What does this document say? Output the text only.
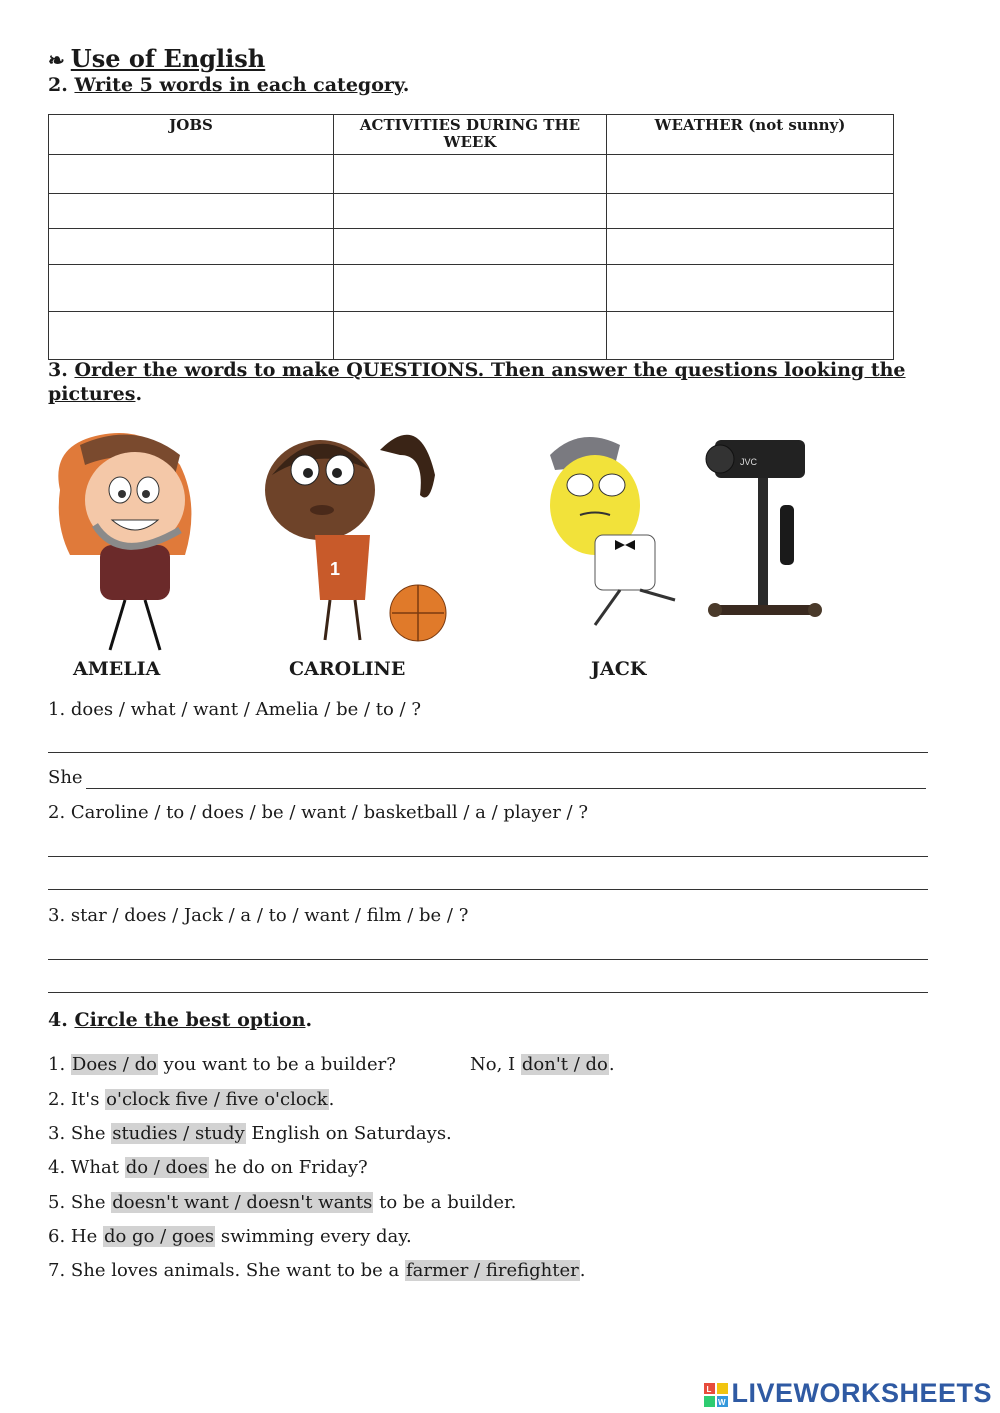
❧ Use of English
2. Write 5 words in each category.
JOBS	ACTIVITIES DURING THE WEEK	WEATHER (not sunny)

3. Order the words to make QUESTIONS. Then answer the questions looking the pictures.
1
JVC
AMELIA	CAROLINE	JACK
1. does / what / want / Amelia / be / to / ?
She
2. Caroline / to / does / be / want / basketball / a / player / ?
3. star / does / Jack / a / to / want / film / be / ?
4. Circle the best option.
1. Does / do you want to be a builder?	No, I don't / do.
2. It's o'clock five / five o'clock.
3. She studies / study English on Saturdays.
4. What do / does he do on Friday?
5. She doesn't want / doesn't wants to be a builder.
6. He do go / goes swimming every day.
7. She loves animals. She want to be a farmer / firefighter.
L
W LIVEWORKSHEETS
